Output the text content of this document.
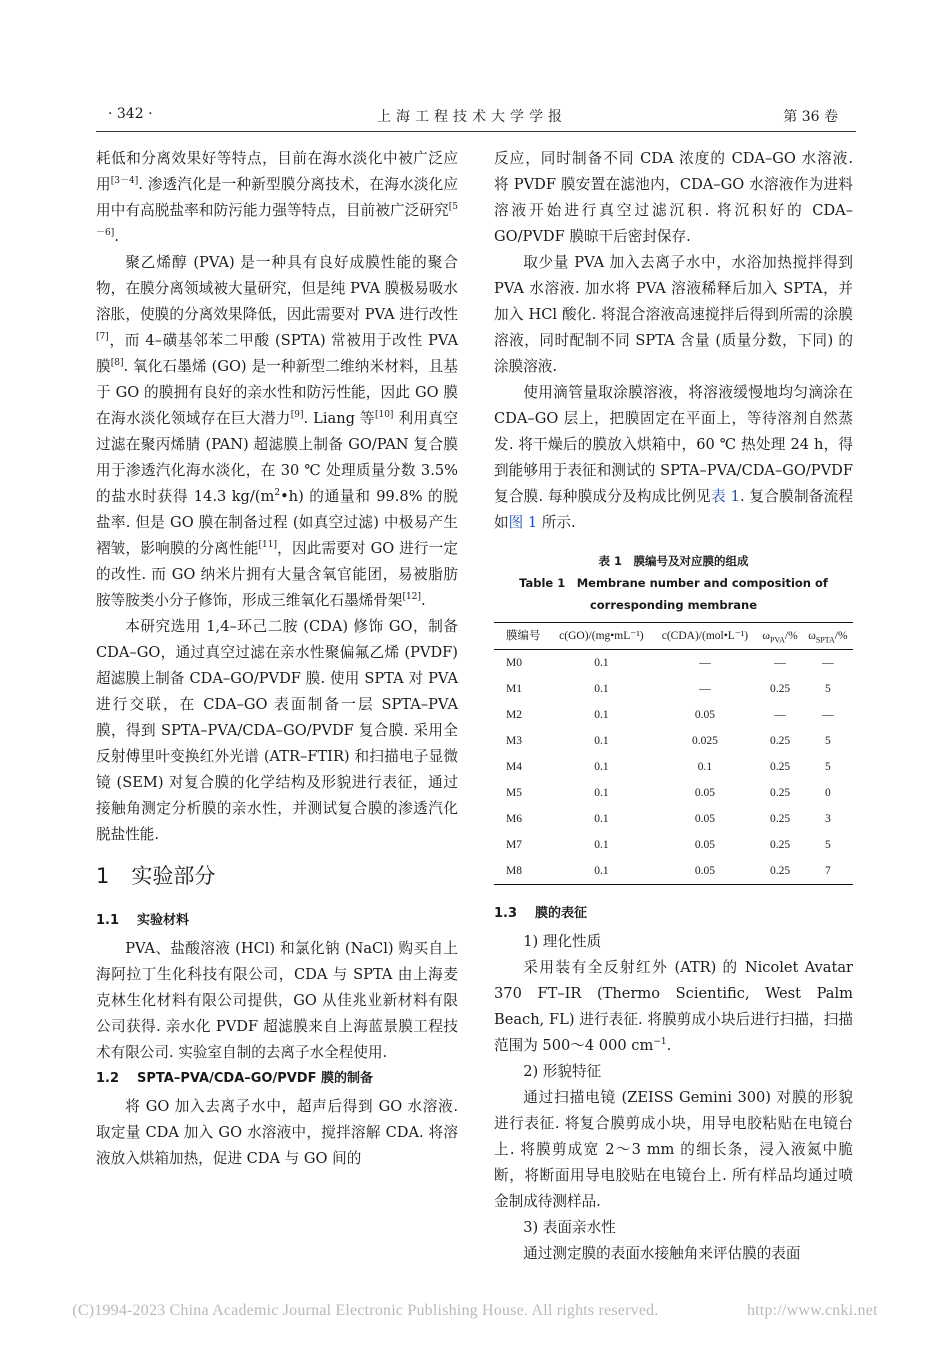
· 342 ·	上海工程技术大学学报	第 36 卷

耗低和分离效果好等特点，目前在海水淡化中被广泛应用[3－4]. 渗透汽化是一种新型膜分离技术，在海水淡化应用中有高脱盐率和防污能力强等特点，目前被广泛研究[5－6].

聚乙烯醇 (PVA) 是一种具有良好成膜性能的聚合物，在膜分离领域被大量研究，但是纯 PVA 膜极易吸水溶胀，使膜的分离效果降低，因此需要对 PVA 进行改性[7]，而 4–磺基邻苯二甲酸 (SPTA) 常被用于改性 PVA 膜[8]. 氧化石墨烯 (GO) 是一种新型二维纳米材料，且基于 GO 的膜拥有良好的亲水性和防污性能，因此 GO 膜在海水淡化领域存在巨大潜力[9]. Liang 等[10] 利用真空过滤在聚丙烯腈 (PAN) 超滤膜上制备 GO/PAN 复合膜用于渗透汽化海水淡化，在 30 ℃ 处理质量分数 3.5% 的盐水时获得 14.3 $kg/(m^2•h)$ 的通量和 99.8% 的脱盐率. 但是 GO 膜在制备过程 (如真空过滤) 中极易产生褶皱，影响膜的分离性能[11]，因此需要对 GO 进行一定的改性. 而 GO 纳米片拥有大量含氧官能团，易被脂肪胺等胺类小分子修饰，形成三维氧化石墨烯骨架[12].

本研究选用 1,4–环己二胺 (CDA) 修饰 GO，制备 CDA–GO，通过真空过滤在亲水性聚偏氟乙烯 (PVDF) 超滤膜上制备 CDA–GO/PVDF 膜. 使用 SPTA 对 PVA 进行交联，在 CDA–GO 表面制备一层 SPTA–PVA 膜，得到 SPTA–PVA/CDA–GO/PVDF 复合膜. 采用全反射傅里叶变换红外光谱 (ATR–FTIR) 和扫描电子显微镜 (SEM) 对复合膜的化学结构及形貌进行表征，通过接触角测定分析膜的亲水性，并测试复合膜的渗透汽化脱盐性能.

1 实验部分
1.1 实验材料

PVA、盐酸溶液 (HCl) 和氯化钠 (NaCl) 购买自上海阿拉丁生化科技有限公司，CDA 与 SPTA 由上海麦克林生化材料有限公司提供，GO 从佳兆业新材料有限公司获得. 亲水化 PVDF 超滤膜来自上海蓝景膜工程技术有限公司. 实验室自制的去离子水全程使用.

1.2 SPTA–PVA/CDA–GO/PVDF 膜的制备

将 GO 加入去离子水中，超声后得到 GO 水溶液. 取定量 CDA 加入 GO 水溶液中，搅拌溶解 CDA. 将溶液放入烘箱加热，促进 CDA 与 GO 间的

反应，同时制备不同 CDA 浓度的 CDA–GO 水溶液. 将 PVDF 膜安置在滤池内，CDA–GO 水溶液作为进料溶液开始进行真空过滤沉积. 将沉积好的 CDA–GO/PVDF 膜晾干后密封保存.

取少量 PVA 加入去离子水中，水浴加热搅拌得到 PVA 水溶液. 加水将 PVA 溶液稀释后加入 SPTA，并加入 HCl 酸化. 将混合溶液高速搅拌后得到所需的涂膜溶液，同时配制不同 SPTA 含量 (质量分数，下同) 的涂膜溶液.

使用滴管量取涂膜溶液，将溶液缓慢地均匀滴涂在 CDA–GO 层上，把膜固定在平面上，等待溶剂自然蒸发. 将干燥后的膜放入烘箱中，60 ℃ 热处理 24 h，得到能够用于表征和测试的 SPTA–PVA/CDA–GO/PVDF 复合膜. 每种膜成分及构成比例见表 1. 复合膜制备流程如图 1 所示.

表 1　膜编号及对应膜的组成
Table 1　Membrane number and composition of
corresponding membrane
膜编号	c(GO)/(mg•mL⁻¹)	c(CDA)/(mol•L⁻¹)	$\omega_{PVA}/\%$	$\omega_{SPTA}/\%$
M0	0.1	—	—	—
M1	0.1	—	0.25	5
M2	0.1	0.05	—	—
M3	0.1	0.025	0.25	5
M4	0.1	0.1	0.25	5
M5	0.1	0.05	0.25	0
M6	0.1	0.05	0.25	3
M7	0.1	0.05	0.25	5
M8	0.1	0.05	0.25	7
1.3 膜的表征

1) 理化性质

采用装有全反射红外 (ATR) 的 Nicolet Avatar 370 FT–IR (Thermo Scientific, West Palm Beach, FL) 进行表征. 将膜剪成小块后进行扫描，扫描范围为 500～4 000 $cm^{-1}$.

2) 形貌特征

通过扫描电镜 (ZEISS Gemini 300) 对膜的形貌进行表征. 将复合膜剪成小块，用导电胶粘贴在电镜台上. 将膜剪成宽 2～3 mm 的细长条，浸入液氮中脆断，将断面用导电胶贴在电镜台上. 所有样品均通过喷金制成待测样品.

3) 表面亲水性

通过测定膜的表面水接触角来评估膜的表面

(C)1994-2023 China Academic Journal Electronic Publishing House. All rights reserved.	http://www.cnki.net
